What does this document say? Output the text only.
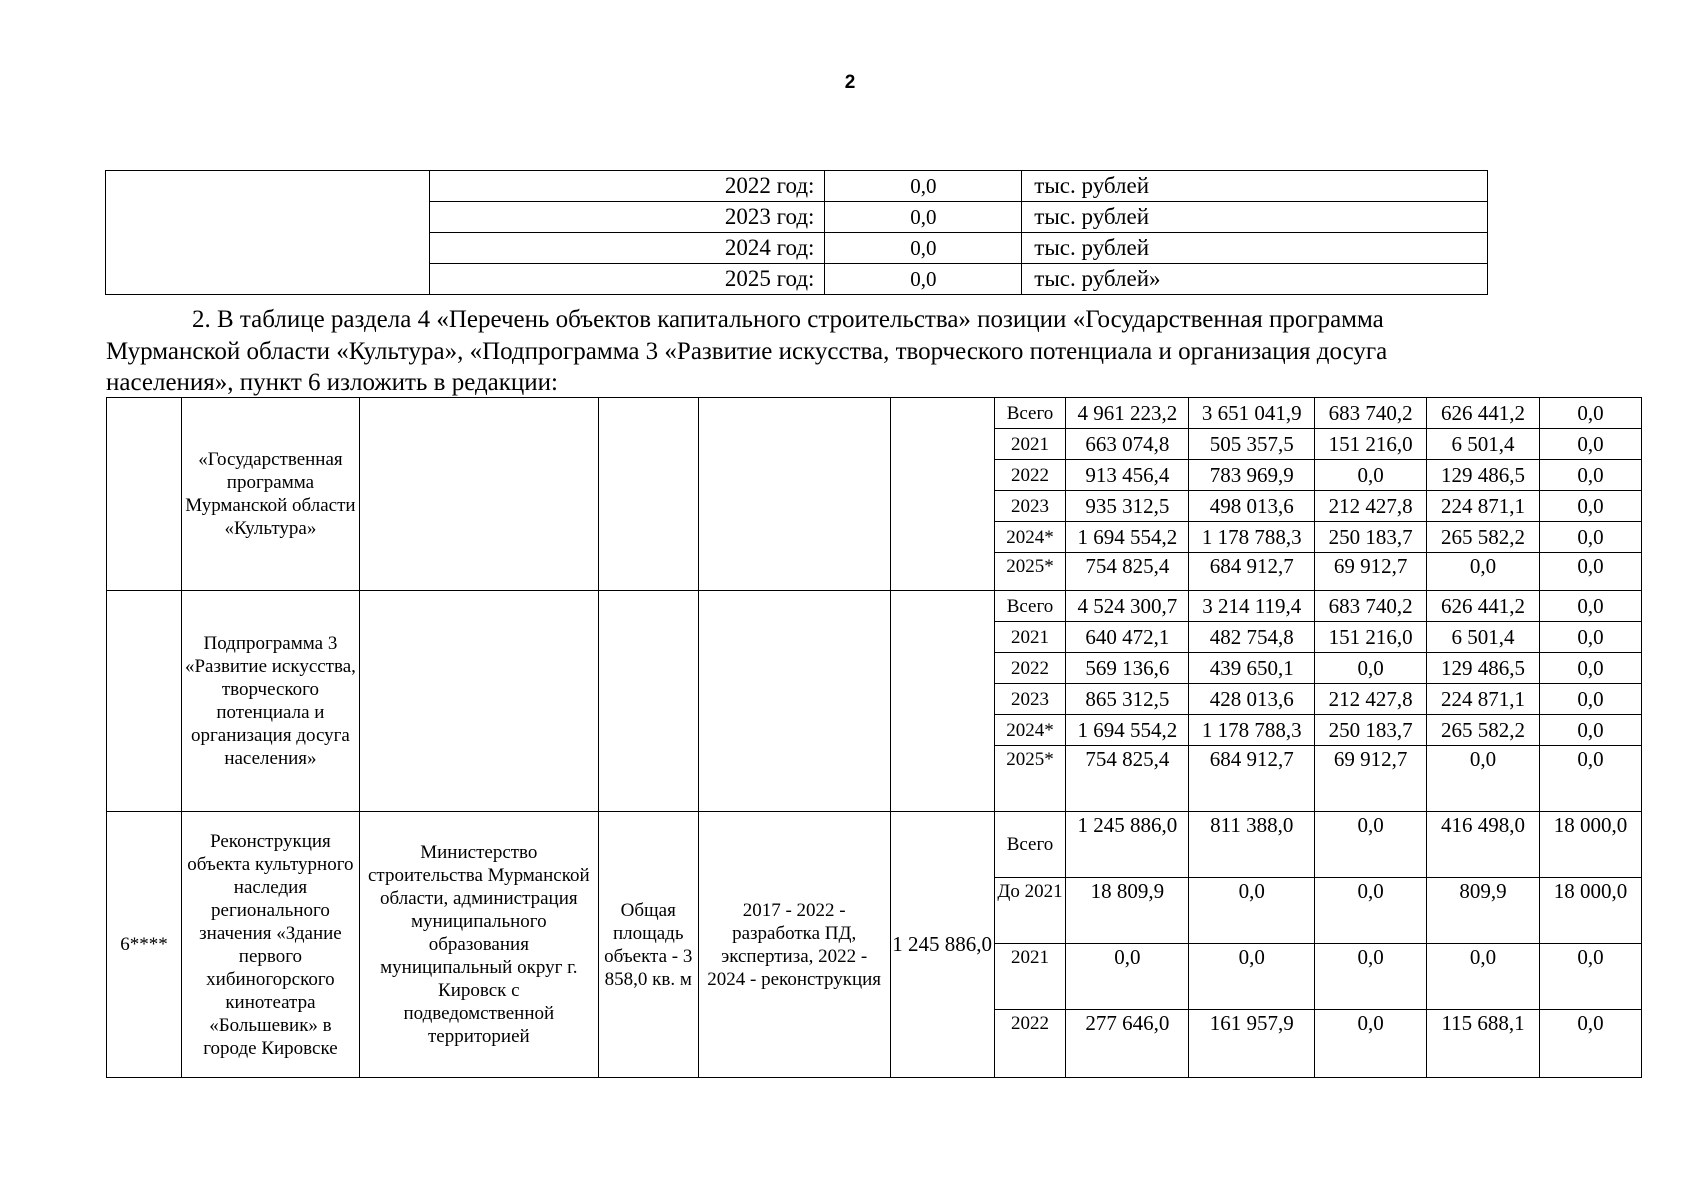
2
	2022 год:	0,0	тыс. рублей
	2023 год:	0,0	тыс. рублей
	2024 год:	0,0	тыс. рублей
	2025 год:	0,0	тыс. рублей»
2. В таблице раздела 4 «Перечень объектов капитального строительства» позиции «Государственная программа
Мурманской области «Культура», «Подпрограмма 3 «Развитие искусства, творческого потенциала и организация досуга
населения», пункт 6 изложить в редакции:
	«Государственная программа Мурманской области «Культура»					Всего	4 961 223,2	3 651 041,9	683 740,2	626 441,2	0,0
						2021	663 074,8	505 357,5	151 216,0	6 501,4	0,0
						2022	913 456,4	783 969,9	0,0	129 486,5	0,0
						2023	935 312,5	498 013,6	212 427,8	224 871,1	0,0
						2024*	1 694 554,2	1 178 788,3	250 183,7	265 582,2	0,0
						2025*	754 825,4	684 912,7	69 912,7	0,0	0,0
	Подпрограмма 3 «Развитие искусства, творческого потенциала и организация досуга населения»					Всего	4 524 300,7	3 214 119,4	683 740,2	626 441,2	0,0
						2021	640 472,1	482 754,8	151 216,0	6 501,4	0,0
						2022	569 136,6	439 650,1	0,0	129 486,5	0,0
						2023	865 312,5	428 013,6	212 427,8	224 871,1	0,0
						2024*	1 694 554,2	1 178 788,3	250 183,7	265 582,2	0,0
						2025*	754 825,4	684 912,7	69 912,7	0,0	0,0
6****	Реконструкция объекта культурного наследия регионального значения «Здание первого хибиногорского кинотеатра «Большевик» в городе Кировске	Министерство строительства Мурманской области, администрация муниципального образования муниципальный округ г. Кировск с подведомственной территорией	Общая площадь объекта - 3 858,0 кв. м	2017 - 2022 - разработка ПД, экспертиза, 2022 - 2024 - реконструкция	1 245 886,0	Всего	1 245 886,0	811 388,0	0,0	416 498,0	18 000,0
						До 2021	18 809,9	0,0	0,0	809,9	18 000,0
						2021	0,0	0,0	0,0	0,0	0,0
						2022	277 646,0	161 957,9	0,0	115 688,1	0,0
